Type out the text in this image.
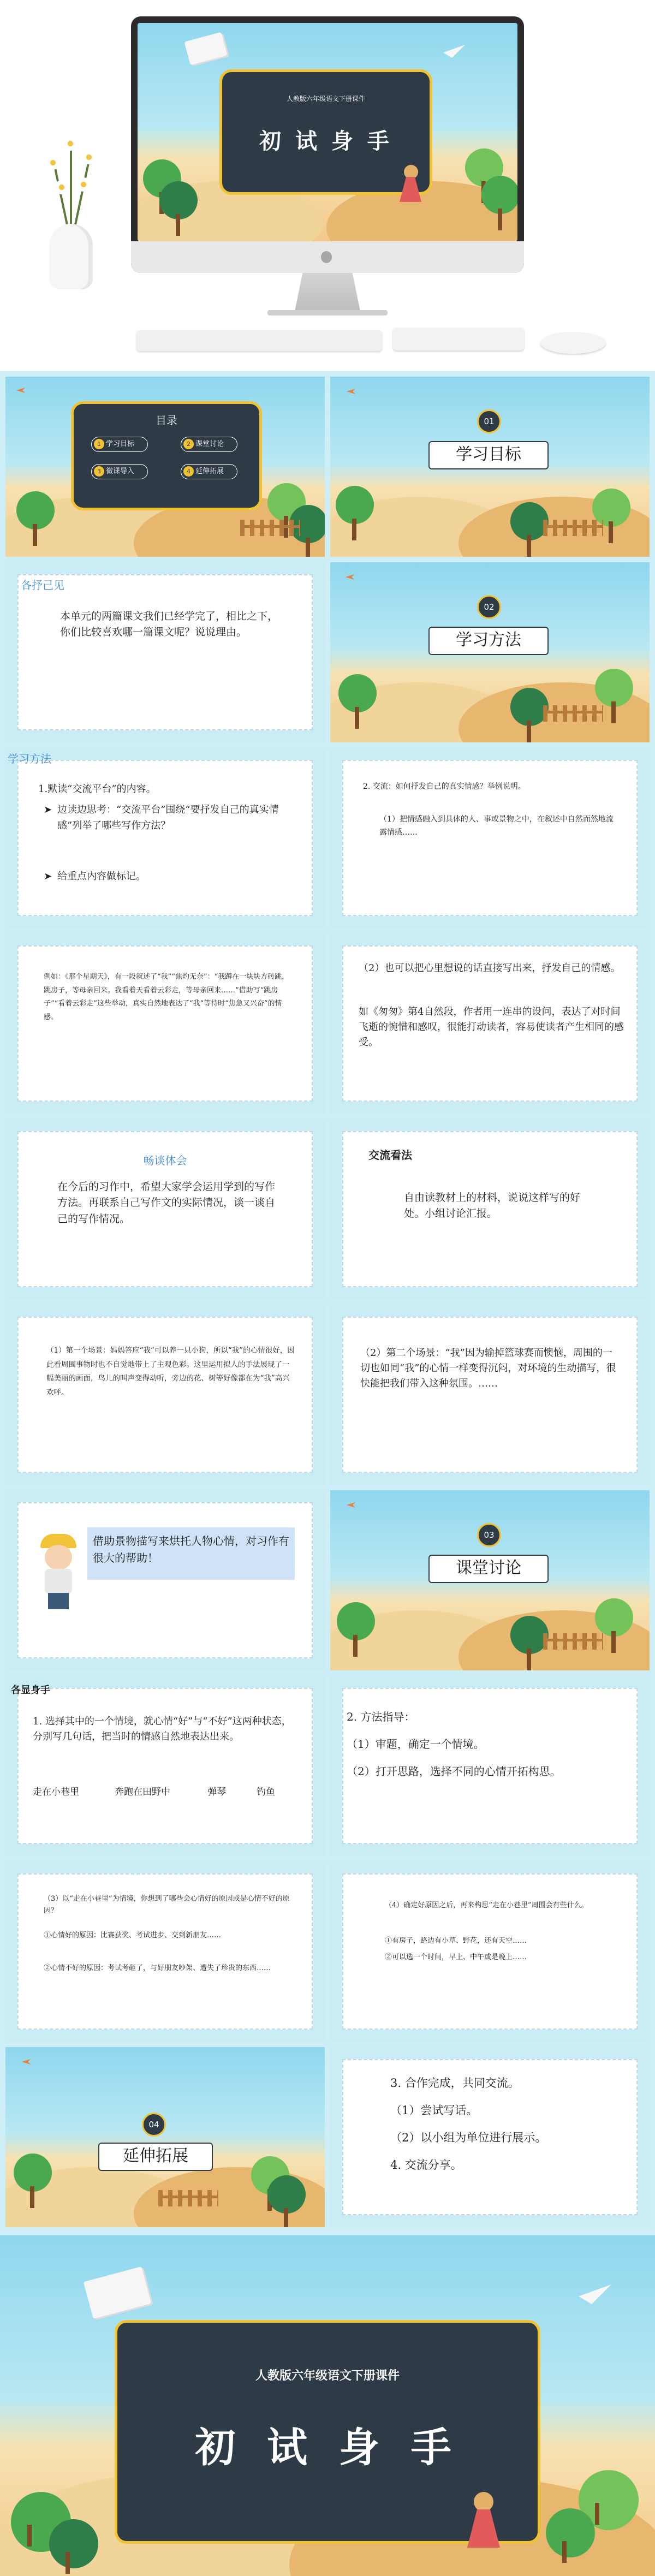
人教版六年级语文下册课件
初 试 身 手
目录
1 学习目标	2 课堂讨论
3 微课导入	4 延伸拓展
01
学习目标
各抒己见
本单元的两篇课文我们已经学完了，相比之下，你们比较喜欢哪一篇课文呢？说说理由。
02
学习方法
学习方法
1.默读“交流平台”的内容。
➤ 边读边思考：“交流平台”围绕“要抒发自己的真实情感”列举了哪些写作方法？
➤ 给重点内容做标记。
2. 交流：如何抒发自己的真实情感？举例说明。
（1）把情感融入到具体的人、事或景物之中，在叙述中自然而然地流露情感……
例如：《那个星期天》，有一段叙述了“我”“焦灼无奈”：“我蹲在一块块方砖跳，跳房子，等母亲回来。我看着天看着云彩走，等母亲回来……”借助写“跳房子”“看着云彩走”这些举动，真实自然地表达了“我”等待时“焦急又兴奋”的情感。
（2）也可以把心里想说的话直接写出来，抒发自己的情感。
如《匆匆》第4自然段，作者用一连串的设问，表达了对时间飞逝的惋惜和感叹，很能打动读者，容易使读者产生相同的感受。
畅谈体会
在今后的习作中，希望大家学会运用学到的写作方法。再联系自己写作文的实际情况，谈一谈自己的写作情况。
交流看法
自由读教材上的材料，说说这样写的好处。小组讨论汇报。
（1）第一个场景：妈妈答应“我”可以养一只小狗，所以“我”的心情很好，因此看周围事物时也不自觉地带上了主观色彩。这里运用拟人的手法展现了一幅美丽的画面，鸟儿的叫声变得动听，旁边的花、树等好像都在为“我”高兴欢呼。
（2）第二个场景：“我”因为输掉篮球赛而懊恼，周围的一切也如同“我”的心情一样变得沉闷，对环境的生动描写，很快能把我们带入这种氛围。……
借助景物描写来烘托人物心情，对习作有很大的帮助！
03
课堂讨论
各显身手
1. 选择其中的一个情境，就心情“好”与“不好”这两种状态，分别写几句话，把当时的情感自然地表达出来。
走在小巷里	奔跑在田野中	弹琴	钓鱼
2. 方法指导：
（1）审题，确定一个情境。
（2）打开思路，选择不同的心情开拓构思。
（3）以“走在小巷里”为情境，你想到了哪些会心情好的原因或是心情不好的原因？
①心情好的原因：比赛获奖、考试进步、交到新朋友……
②心情不好的原因：考试考砸了，与好朋友吵架、遭失了珍贵的东西……
（4）确定好原因之后，再来构思“走在小巷里”周围会有些什么。
①有房子，路边有小草、野花，还有天空……
②可以选一个时间，早上、中午或是晚上……
04
延伸拓展
3. 合作完成，共同交流。
（1）尝试写话。
（2）以小组为单位进行展示。
4. 交流分享。
人教版六年级语文下册课件
初 试 身 手
